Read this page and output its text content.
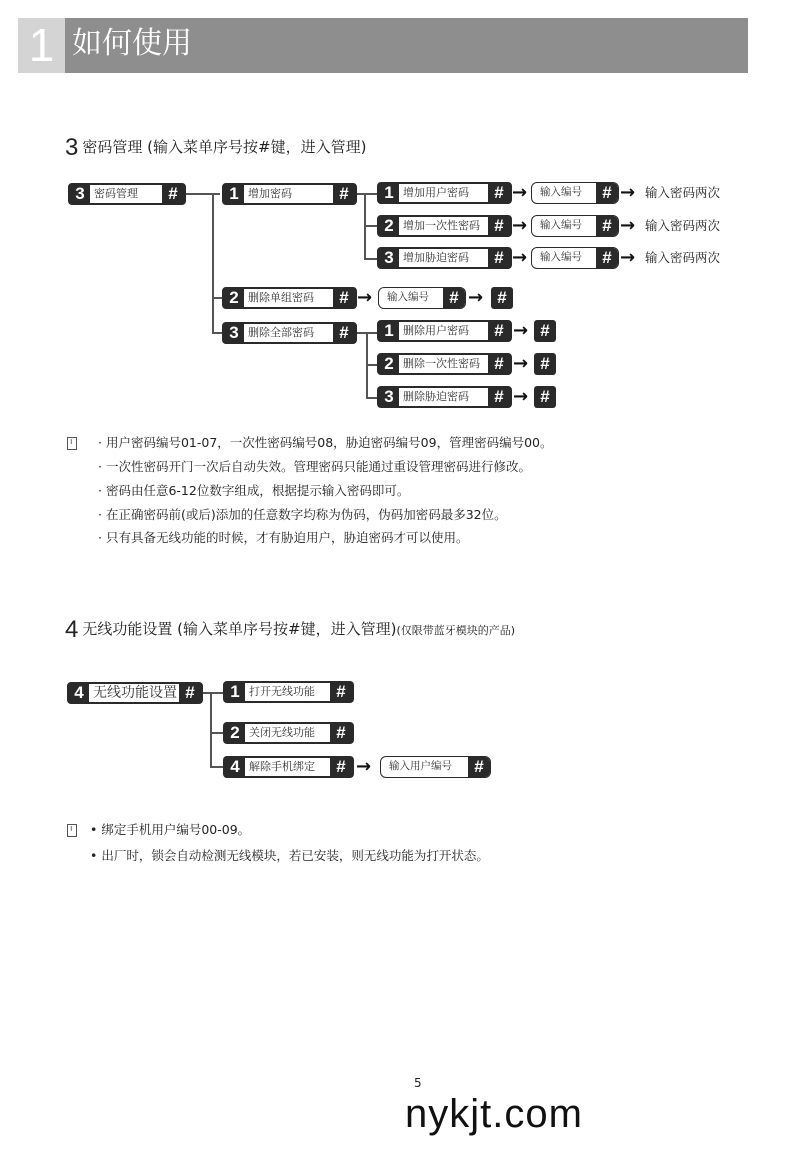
1 如何使用
3 密码管理 (输入菜单序号按#键，进入管理)
3 密码管理	#	1 增加密码	#	1 增加用户密码	# →	输入编号	# → 输入密码两次
2 增加一次性密码 # →	输入编号	# → 输入密码两次
3 增加胁迫密码	# →	输入编号	# → 输入密码两次
2 删除单组密码	# →	输入编号	# → #
3 删除全部密码	#	1 删除用户密码	# → #
2 删除一次性密码 # → #
3 删除胁迫密码	# → #
i
· 用户密码编号01-07，一次性密码编号08，胁迫密码编号09，管理密码编号00。
· 一次性密码开门一次后自动失效。管理密码只能通过重设管理密码进行修改。
· 密码由任意6-12位数字组成，根据提示输入密码即可。
· 在正确密码前(或后)添加的任意数字均称为伪码，伪码加密码最多32位。
· 只有具备无线功能的时候，才有胁迫用户，胁迫密码才可以使用。
4 无线功能设置 (输入菜单序号按#键，进入管理)(仅限带蓝牙模块的产品)
4 无线功能设置 #	1 打开无线功能	#
2 关闭无线功能	#
4 解除手机绑定	# →	输入用户编号	#
i
• 绑定手机用户编号00-09。
• 出厂时，锁会自动检测无线模块，若已安装，则无线功能为打开状态。
5
nykjt.com
